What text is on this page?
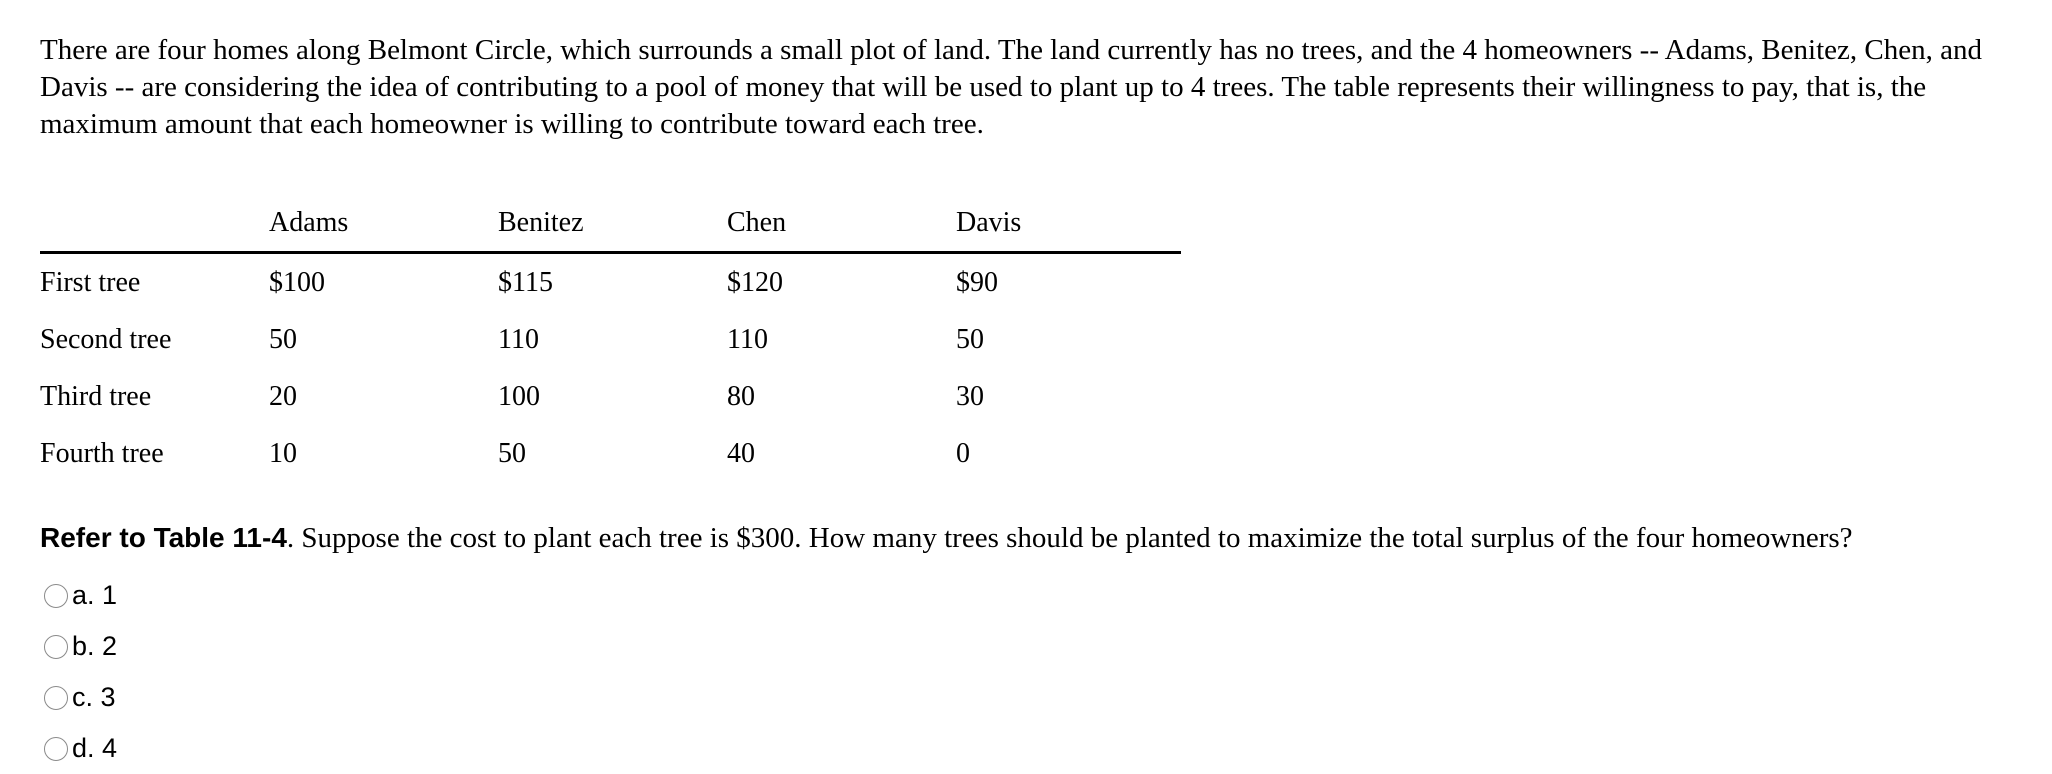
There are four homes along Belmont Circle, which surrounds a small plot of land. The land currently has no trees, and the 4 homeowners -- Adams, Benitez, Chen, and Davis -- are considering the idea of contributing to a pool of money that will be used to plant up to 4 trees. The table represents their willingness to pay, that is, the maximum amount that each homeowner is willing to contribute toward each tree.

	Adams	Benitez	Chen	Davis
First tree	$100	$115	$120	$90
Second tree	50	110	110	50
Third tree	20	100	80	30
Fourth tree	10	50	40	0

Refer to Table 11-4. Suppose the cost to plant each tree is $300. How many trees should be planted to maximize the total surplus of the four homeowners?

a. 1
b. 2
c. 3
d. 4
